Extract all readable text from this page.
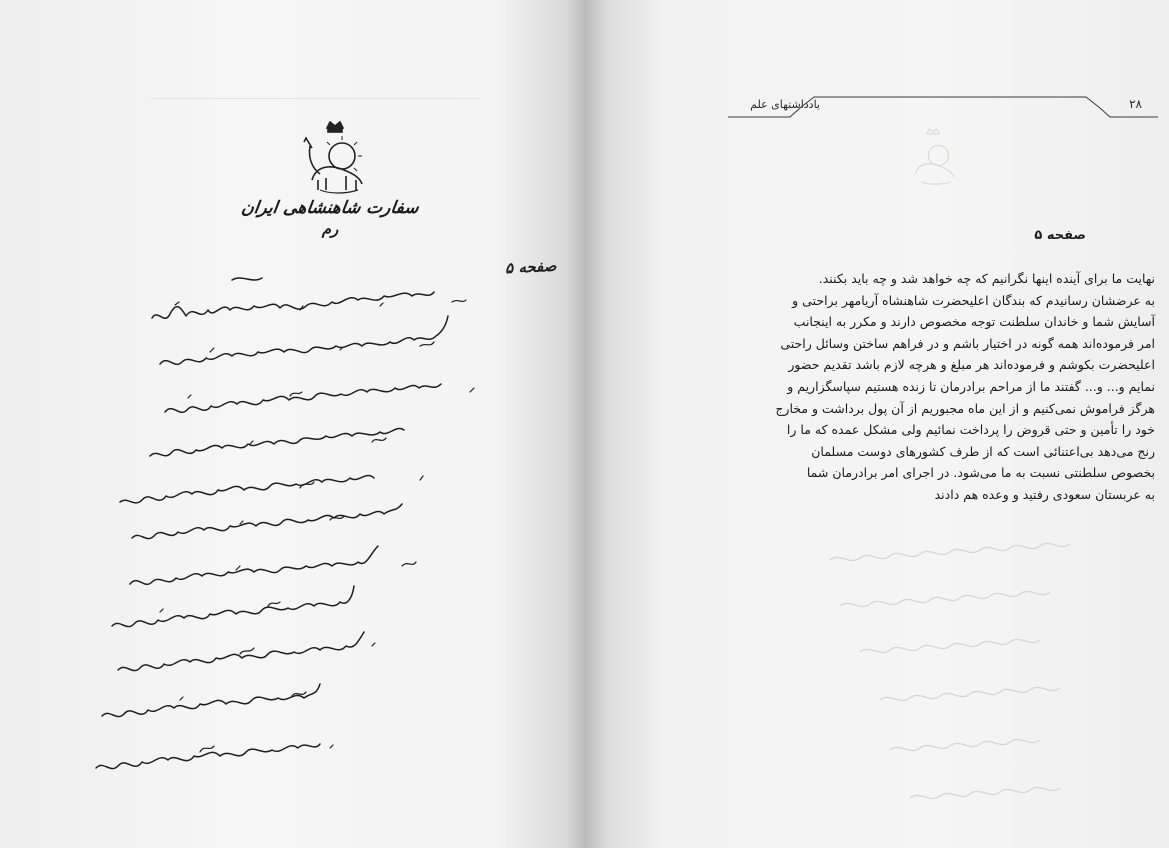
سفارت شاهنشاهی ایران
رم
صفحه ۵
یادداشتهای علم	۲۸
صفحه ۵
نهایت ما برای آینده اینها نگرانیم که چه خواهد شد و چه باید بکنند.
به عرضشان رسانیدم که بندگان اعلیحضرت شاهنشاه آریامهر براحتی و
آسایش شما و خاندان سلطنت توجه مخصوص دارند و مکرر به اینجانب
امر فرموده‌اند همه گونه در اختیار باشم و در فراهم ساختن وسائل راحتی
اعلیحضرت بکوشم و فرموده‌اند هر مبلغ و هرچه لازم باشد تقدیم حضور
نمایم و... و... گفتند ما از مراحم برادرمان تا زنده هستیم سپاسگزاریم و
هرگز فراموش نمی‌کنیم و از این ماه مجبوریم از آن پول برداشت و مخارج
خود را تأمین و حتی قروض را پرداخت نمائیم ولی مشکل عمده که ما را
رنج می‌دهد بی‌اعتنائی است که از طرف کشورهای دوست مسلمان
بخصوص سلطنتی نسبت به ما می‌شود. در اجرای امر برادرمان شما
به عربستان سعودی رفتید و وعده هم دادند
